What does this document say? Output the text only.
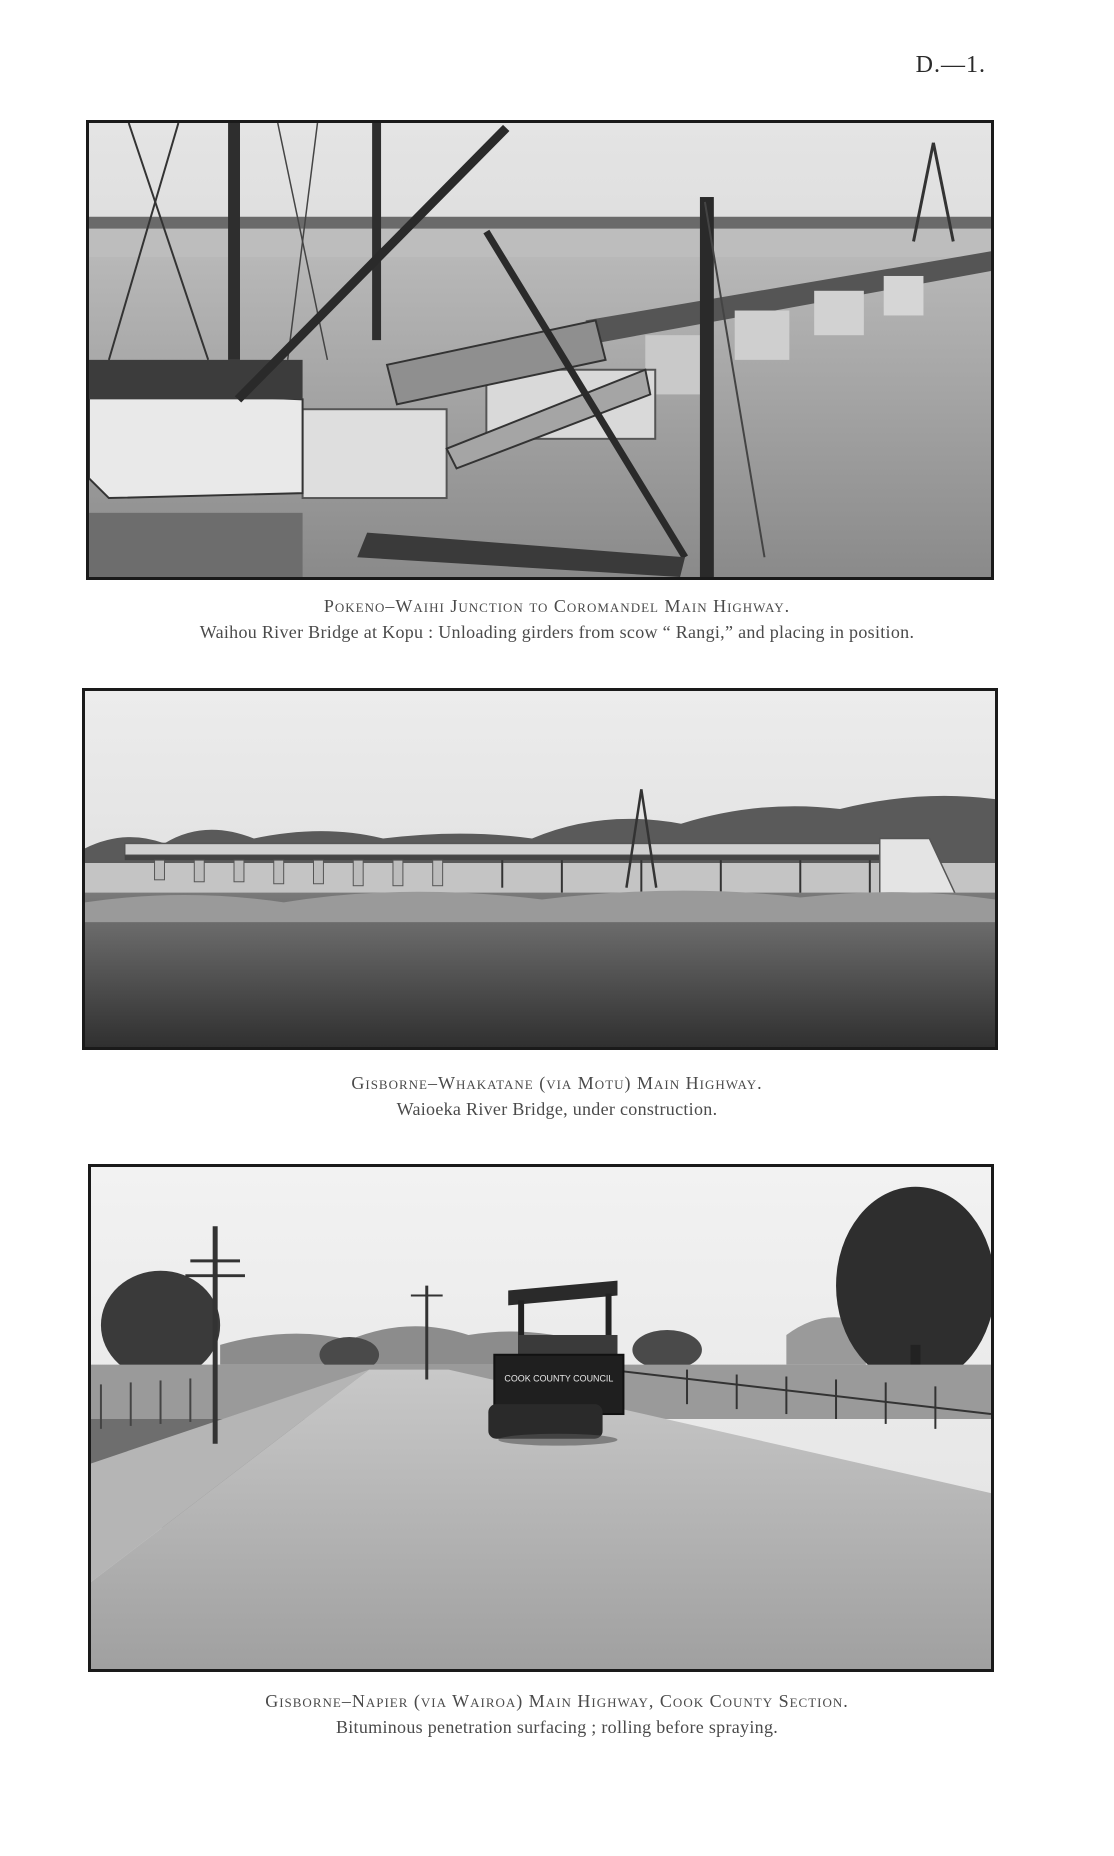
D.—1.
Pokeno–Waihi Junction to Coromandel Main Highway.
Waihou River Bridge at Kopu : Unloading girders from scow “ Rangi,” and placing in position.
Gisborne–Whakatane (via Motu) Main Highway.
Waioeka River Bridge, under construction.
COOK COUNTY COUNCIL
Gisborne–Napier (via Wairoa) Main Highway, Cook County Section.
Bituminous penetration surfacing ; rolling before spraying.
